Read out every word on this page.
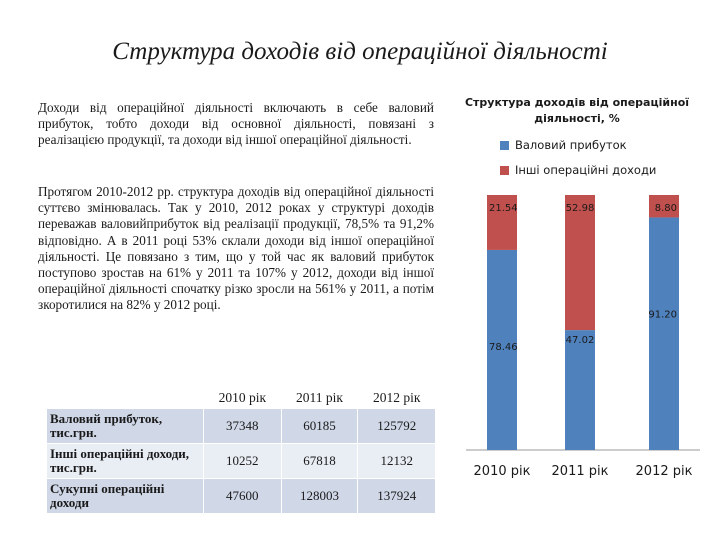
Структура доходів від операційної діяльності

Доходи від операційної діяльності включають в себе валовий прибуток, тобто доходи від основної діяльності, повязані з реалізацією продукції, та доходи від іншої операційної діяльності.

Протягом 2010-2012 рр. структура доходів від операційної діяльності суттєво змінювалась. Так у 2010, 2012 роках у структурі доходів переважав валовийприбуток від реалізації продукції, 78,5% та 91,2% відповідно. А в 2011 році 53% склали доходи від іншої операційної діяльності. Це повязано з тим, що у той час як валовий прибуток поступово зростав на 61% у 2011 та 107% у 2012, доходи від іншої операційної діяльності спочатку різко зросли на 561% у 2011, а потім зкоротилися на 82% у 2012 році.

	2010 рік	2011 рік	2012 рік
Валовий прибуток, тис.грн.	37348	60185	125792
Інші операційні доходи, тис.грн.	10252	67818	12132
Сукупні операційні доходи	47600	128003	137924
78.46
21.54
2010 рік
47.02
52.98
2011 рік
91.20
8.80
2012 рік
Структура доходів від операційної діяльності, %
Валовий прибуток
Інші операційні доходи
